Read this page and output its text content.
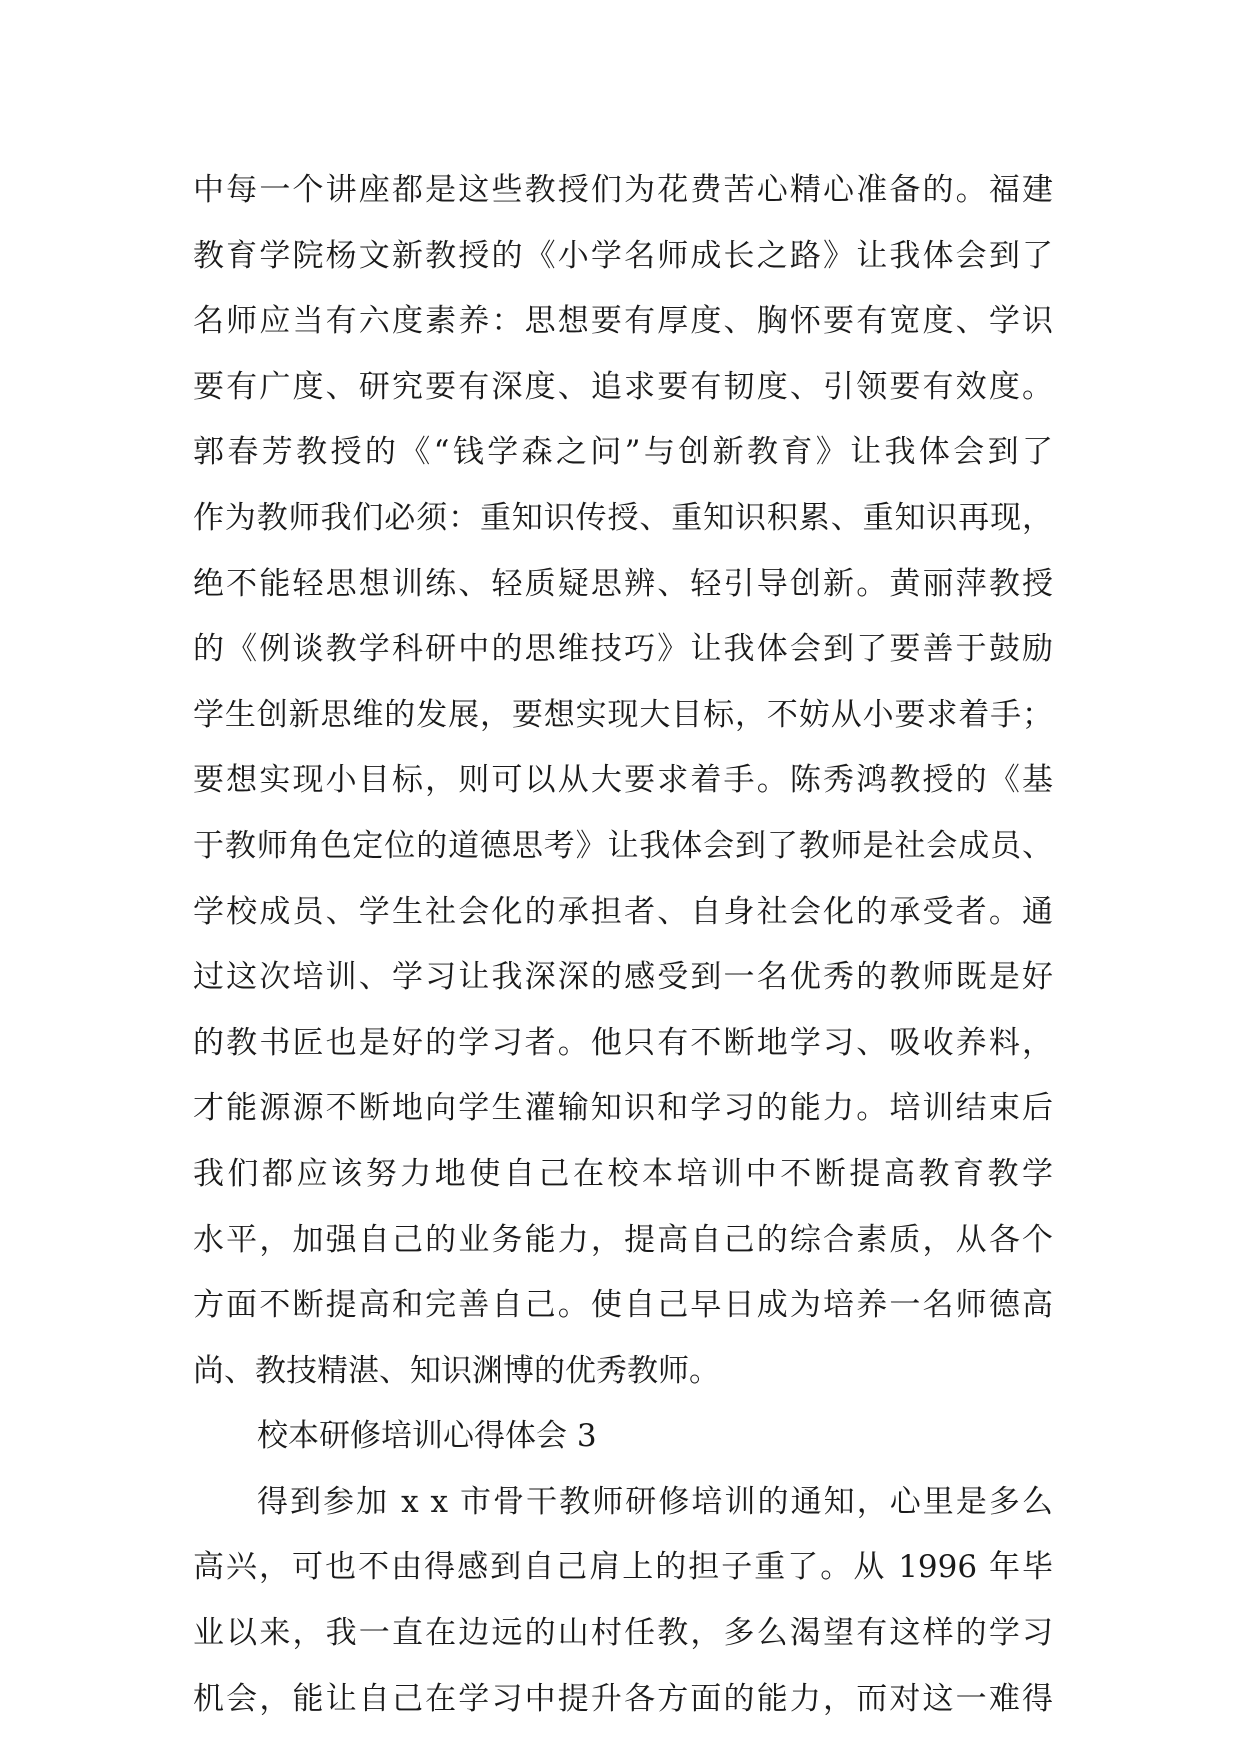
中每一个讲座都是这些教授们为花费苦心精心准备的。福建
教育学院杨文新教授的《小学名师成长之路》让我体会到了
名师应当有六度素养：思想要有厚度、胸怀要有宽度、学识
要有广度、研究要有深度、追求要有韧度、引领要有效度。
郭春芳教授的《“钱学森之问”与创新教育》让我体会到了
作为教师我们必须：重知识传授、重知识积累、重知识再现，
绝不能轻思想训练、轻质疑思辨、轻引导创新。黄丽萍教授
的《例谈教学科研中的思维技巧》让我体会到了要善于鼓励
学生创新思维的发展，要想实现大目标，不妨从小要求着手；
要想实现小目标，则可以从大要求着手。陈秀鸿教授的《基
于教师角色定位的道德思考》让我体会到了教师是社会成员、
学校成员、学生社会化的承担者、自身社会化的承受者。通
过这次培训、学习让我深深的感受到一名优秀的教师既是好
的教书匠也是好的学习者。他只有不断地学习、吸收养料，
才能源源不断地向学生灌输知识和学习的能力。培训结束后
我们都应该努力地使自己在校本培训中不断提高教育教学
水平，加强自己的业务能力，提高自己的综合素质，从各个
方面不断提高和完善自己。使自己早日成为培养一名师德高
尚、教技精湛、知识渊博的优秀教师。
校本研修培训心得体会 3
得到参加 x x 市骨干教师研修培训的通知，心里是多么
高兴，可也不由得感到自己肩上的担子重了。从 1996 年毕
业以来，我一直在边远的山村任教，多么渴望有这样的学习
机会，能让自己在学习中提升各方面的能力，而对这一难得
